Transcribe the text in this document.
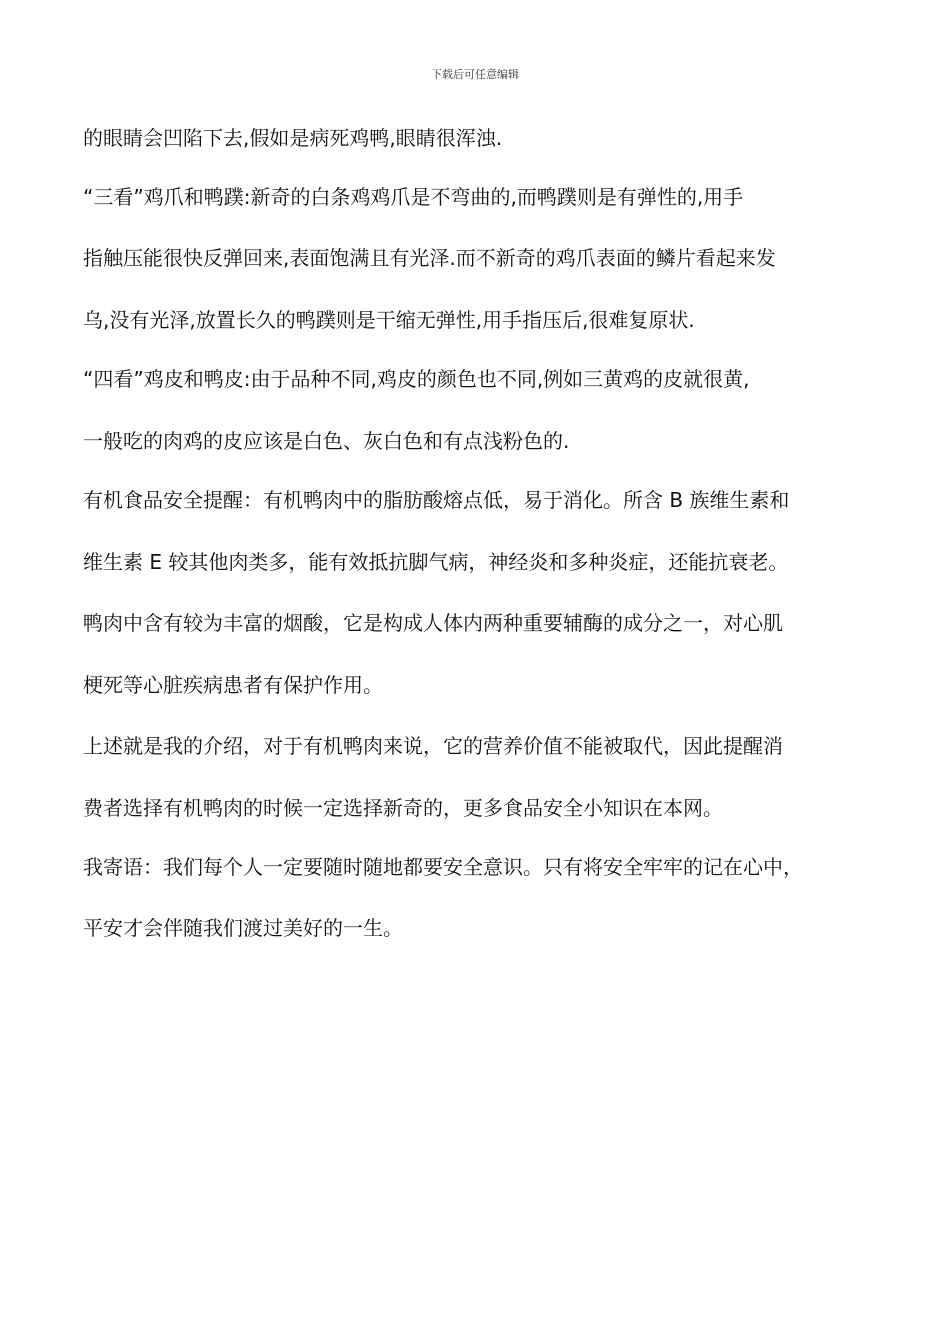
下载后可任意编辑
的眼睛会凹陷下去,假如是病死鸡鸭,眼睛很浑浊.
“三看”鸡爪和鸭蹼:新奇的白条鸡鸡爪是不弯曲的,而鸭蹼则是有弹性的,用手
指触压能很快反弹回来,表面饱满且有光泽.而不新奇的鸡爪表面的鳞片看起来发
乌,没有光泽,放置长久的鸭蹼则是干缩无弹性,用手指压后,很难复原状.
“四看”鸡皮和鸭皮:由于品种不同,鸡皮的颜色也不同,例如三黄鸡的皮就很黄,
一般吃的肉鸡的皮应该是白色、灰白色和有点浅粉色的.
有机食品安全提醒：有机鸭肉中的脂肪酸熔点低，易于消化。所含 B 族维生素和
维生素 E 较其他肉类多，能有效抵抗脚气病，神经炎和多种炎症，还能抗衰老。
鸭肉中含有较为丰富的烟酸，它是构成人体内两种重要辅酶的成分之一，对心肌
梗死等心脏疾病患者有保护作用。
上述就是我的介绍，对于有机鸭肉来说，它的营养价值不能被取代，因此提醒消
费者选择有机鸭肉的时候一定选择新奇的，更多食品安全小知识在本网。
我寄语：我们每个人一定要随时随地都要安全意识。只有将安全牢牢的记在心中，
平安才会伴随我们渡过美好的一生。
